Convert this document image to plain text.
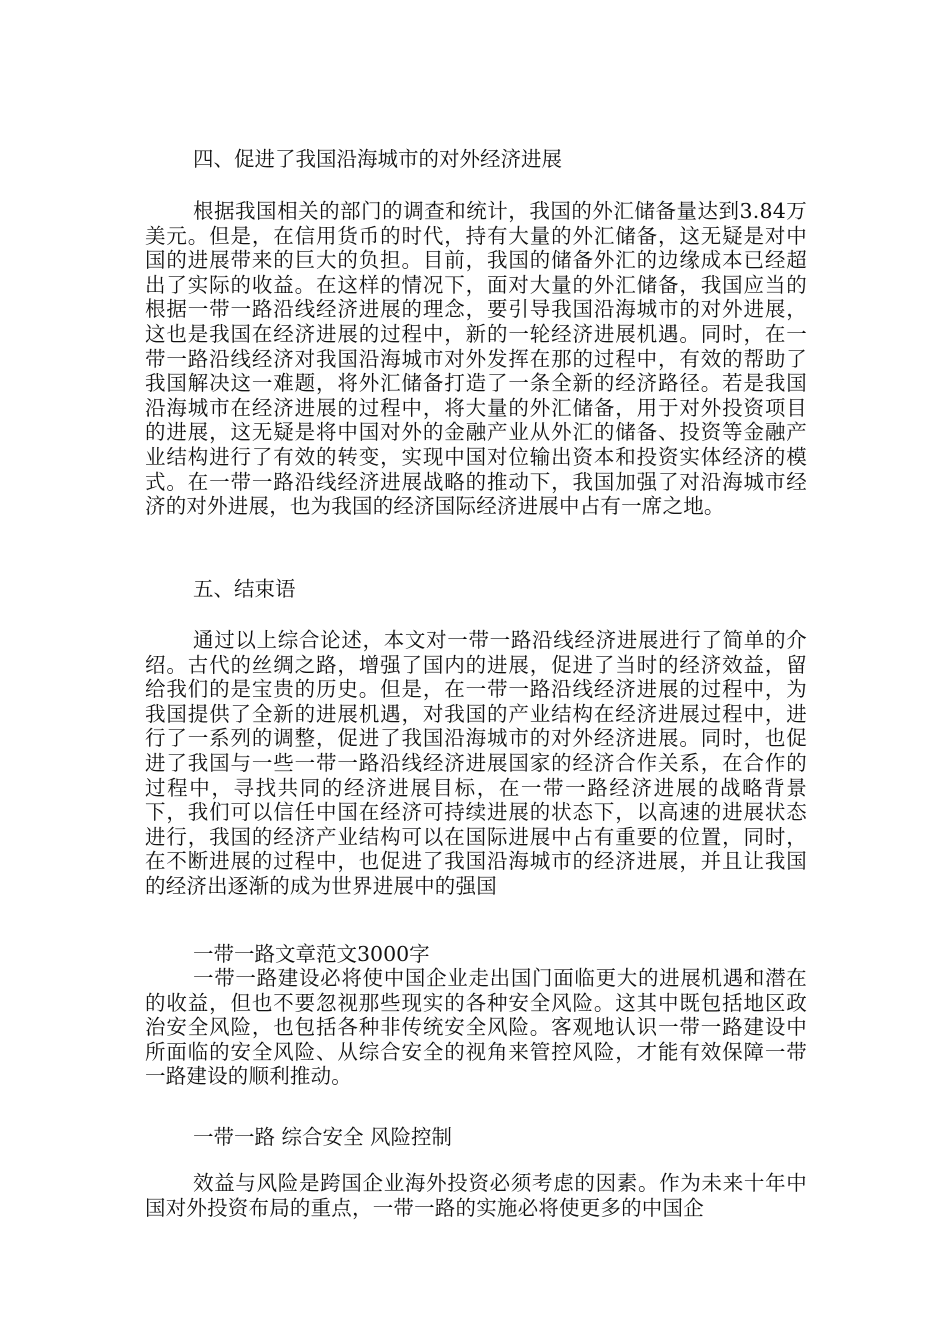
四、促进了我国沿海城市的对外经济进展

根据我国相关的部门的调查和统计，我国的外汇储备量达到3.84万美元。但是，在信用货币的时代，持有大量的外汇储备，这无疑是对中国的进展带来的巨大的负担。目前，我国的储备外汇的边缘成本已经超出了实际的收益。在这样的情况下，面对大量的外汇储备，我国应当的根据一带一路沿线经济进展的理念，要引导我国沿海城市的对外进展，这也是我国在经济进展的过程中，新的一轮经济进展机遇。同时，在一带一路沿线经济对我国沿海城市对外发挥在那的过程中，有效的帮助了我国解决这一难题，将外汇储备打造了一条全新的经济路径。若是我国沿海城市在经济进展的过程中，将大量的外汇储备，用于对外投资项目的进展，这无疑是将中国对外的金融产业从外汇的储备、投资等金融产业结构进行了有效的转变，实现中国对位输出资本和投资实体经济的模式。在一带一路沿线经济进展战略的推动下，我国加强了对沿海城市经济的对外进展，也为我国的经济国际经济进展中占有一席之地。

五、结束语

通过以上综合论述，本文对一带一路沿线经济进展进行了简单的介绍。古代的丝绸之路，增强了国内的进展，促进了当时的经济效益，留给我们的是宝贵的历史。但是，在一带一路沿线经济进展的过程中，为我国提供了全新的进展机遇，对我国的产业结构在经济进展过程中，进行了一系列的调整，促进了我国沿海城市的对外经济进展。同时，也促进了我国与一些一带一路沿线经济进展国家的经济合作关系，在合作的过程中，寻找共同的经济进展目标，在一带一路经济进展的战略背景下，我们可以信任中国在经济可持续进展的状态下，以高速的进展状态进行，我国的经济产业结构可以在国际进展中占有重要的位置，同时，在不断进展的过程中，也促进了我国沿海城市的经济进展，并且让我国的经济出逐渐的成为世界进展中的强国

一带一路文章范文3000字

一带一路建设必将使中国企业走出国门面临更大的进展机遇和潜在的收益，但也不要忽视那些现实的各种安全风险。这其中既包括地区政治安全风险，也包括各种非传统安全风险。客观地认识一带一路建设中所面临的安全风险、从综合安全的视角来管控风险，才能有效保障一带一路建设的顺利推动。

一带一路 综合安全 风险控制

效益与风险是跨国企业海外投资必须考虑的因素。作为未来十年中国对外投资布局的重点，一带一路的实施必将使更多的中国企
